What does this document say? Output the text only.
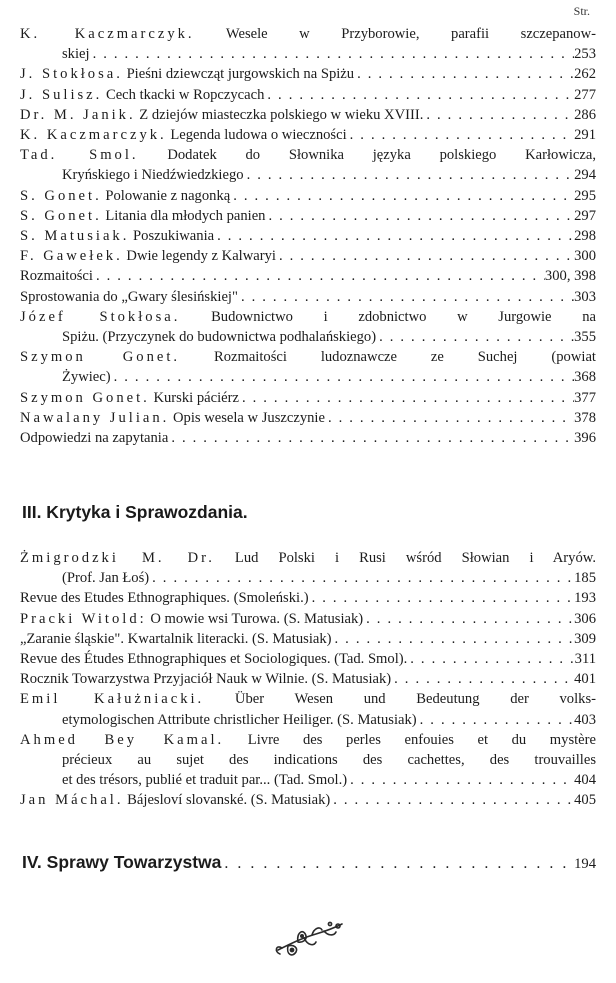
Str.
K. Kaczmarczyk. Wesele w Przyborowie, parafii szczepanow-
skiej .....	253
J. Stokłosa. Pieśni dziewcząt jurgowskich na Spiżu .....	262
J. Sulisz. Cech tkacki w Ropczycach .....	277
Dr. M. Janik. Z dziejów miasteczka polskiego w wieku XVIII. .....	286
K. Kaczmarczyk. Legenda ludowa o wieczności .....	291
Tad. Smol. Dodatek do Słownika języka polskiego Karłowicza,
Kryńskiego i Niedźwiedzkiego .....	294
S. Gonet. Polowanie z nagonką .....	295
S. Gonet. Litania dla młodych panien .....	297
S. Matusiak. Poszukiwania .....	298
F. Gawełek. Dwie legendy z Kalwaryi .....	300
Rozmaitości .....	300, 398
Sprostowania do „Gwary ślesińskiej" .....	303
Józef Stokłosa. Budownictwo i zdobnictwo w Jurgowie na
Spiżu. (Przyczynek do budownictwa podhalańskiego) .....	355
Szymon Gonet. Rozmaitości ludoznawcze ze Suchej (powiat
Żywiec) .....	368
Szymon Gonet. Kurski páciérz .....	377
Nawalany Julian. Opis wesela w Juszczynie .....	378
Odpowiedzi na zapytania .....	396
III. Krytyka i Sprawozdania.
Żmigrodzki M. Dr. Lud Polski i Rusi wśród Słowian i Aryów.
(Prof. Jan Łoś) .....	185
Revue des Etudes Ethnographiques. (Smoleński.) .....	193
Pracki Witold: O mowie wsi Turowa. (S. Matusiak) .....	306
„Zaranie śląskie". Kwartalnik literacki. (S. Matusiak) .....	309
Revue des Études Ethnographiques et Sociologiques. (Tad. Smol). .....	311
Rocznik Towarzystwa Przyjaciół Nauk w Wilnie. (S. Matusiak) .....	401
Emil Kałużniacki. Über Wesen und Bedeutung der volks-
etymologischen Attribute christlicher Heiliger. (S. Matusiak) .....	403
Ahmed Bey Kamal. Livre des perles enfouies et du mystère
précieux au sujet des indications des cachettes, des trouvailles
et des trésors, publié et traduit par... (Tad. Smol.) .....	404
Jan Máchal. Bájesloví slovanské. (S. Matusiak) .....	405
IV. Sprawy Towarzystwa .....	194
